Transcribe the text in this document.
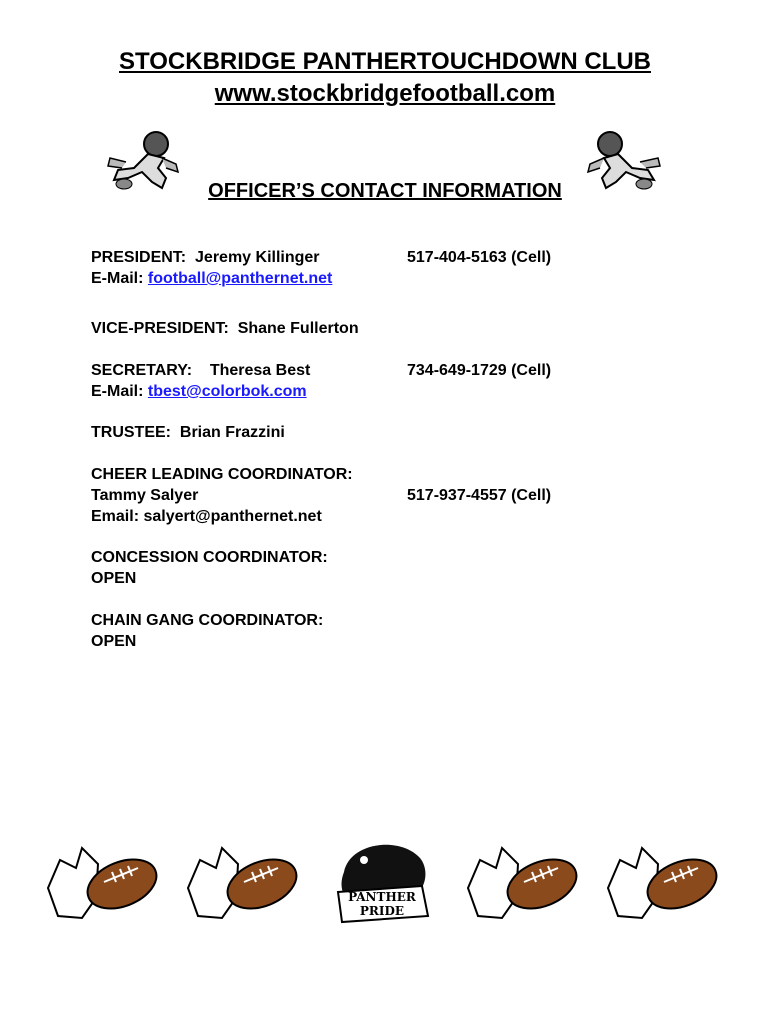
STOCKBRIDGE PANTHERTOUCHDOWN CLUB
www.stockbridgefootball.com
OFFICER’S CONTACT INFORMATION
PRESIDENT:  Jeremy Killinger	517-404-5163 (Cell)
E-Mail: football@panthernet.net
VICE-PRESIDENT:  Shane Fullerton
SECRETARY:    Theresa Best	734-649-1729 (Cell)
E-Mail: tbest@colorbok.com
TRUSTEE:  Brian Frazzini
CHEER LEADING COORDINATOR:
Tammy Salyer	517-937-4557 (Cell)
Email: salyert@panthernet.net
CONCESSION COORDINATOR:
OPEN
CHAIN GANG COORDINATOR:
OPEN
PANTHER PRIDE
